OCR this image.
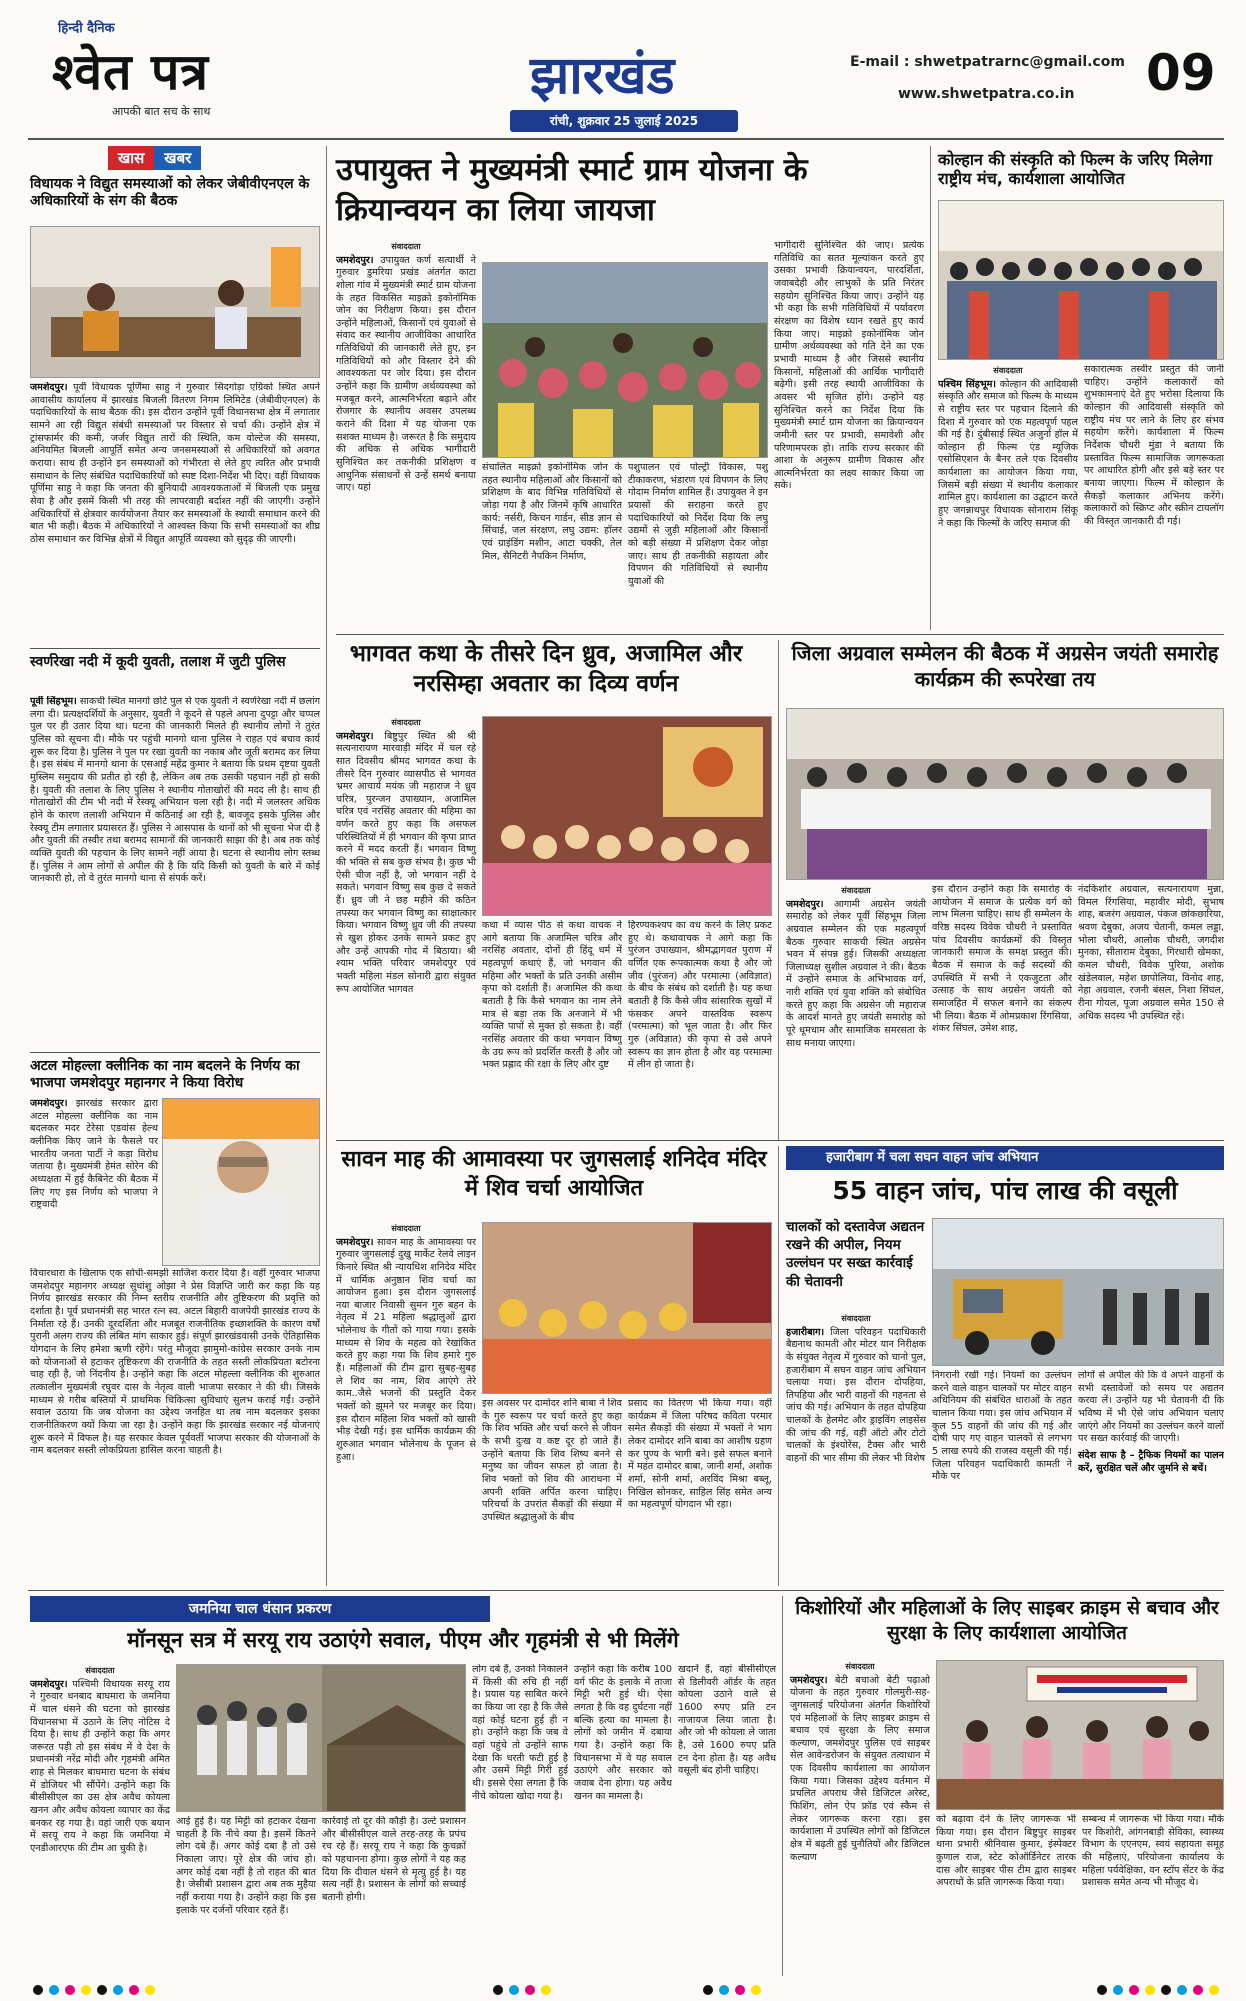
हिन्दी दैनिक
श्वेत पत्र
आपकी बात सच के साथ
झारखंड
रांची, शुक्रवार 25 जुलाई 2025
E-mail : shwetpatrarnc@gmail.com
www.shwetpatra.co.in 09
खास	खबर
विधायक ने विद्युत समस्याओं को लेकर जेबीवीएनएल के अधिकारियों के संग की बैठक
जमशेदपुर। पूर्वी विधायक पूर्णिमा साहु ने गुरुवार सिदगोड़ा एग्रिको स्थित अपने आवासीय कार्यालय में झारखंड बिजली वितरण निगम लिमिटेड (जेबीवीएनएल) के पदाधिकारियों के साथ बैठक की। इस दौरान उन्होंने पूर्वी विधानसभा क्षेत्र में लगातार सामने आ रही विद्युत संबंधी समस्याओं पर विस्तार से चर्चा की। उन्होंने क्षेत्र में ट्रांसफार्मर की कमी, जर्जर विद्युत तारों की स्थिति, कम वोल्टेज की समस्या, अनियमित बिजली आपूर्ति समेत अन्य जनसमस्याओं से अधिकारियों को अवगत कराया। साथ ही उन्होंने इन समस्याओं को गंभीरता से लेते हुए त्वरित और प्रभावी समाधान के लिए संबंधित पदाधिकारियों को स्पष्ट दिशा-निर्देश भी दिए। वहीं विधायक पूर्णिमा साहु ने कहा कि जनता की बुनियादी आवश्यकताओं में बिजली एक प्रमुख सेवा है और इसमें किसी भी तरह की लापरवाही बर्दाश्त नहीं की जाएगी। उन्होंने अधिकारियों से क्षेत्रवार कार्ययोजना तैयार कर समस्याओं के स्थायी समाधान करने की बात भी कही। बैठक में अधिकारियों ने आश्वस्त किया कि सभी समस्याओं का शीघ्र ठोस समाधान कर विभिन्न क्षेत्रों में विद्युत आपूर्ति व्यवस्था को सुदृढ़ की जाएगी।
स्वर्णरेखा नदी में कूदी युवती, तलाश में जुटी पुलिस
पूर्वी सिंहभूम। साकची स्थित मानगो छोटे पुल से एक युवती ने स्वर्णरेखा नदी में छलांग लगा दी। प्रत्यक्षदर्शियों के अनुसार, युवती ने कूदने से पहले अपना दुपट्टा और चप्पल पुल पर ही उतार दिया था। घटना की जानकारी मिलते ही स्थानीय लोगों ने तुरंत पुलिस को सूचना दी। मौके पर पहुंची मानगो थाना पुलिस ने राहत एवं बचाव कार्य शुरू कर दिया है। पुलिस ने पुल पर रखा युवती का नकाब और जूती बरामद कर लिया है। इस संबंध में मानगो थाना के एसआई महेंद्र कुमार ने बताया कि प्रथम दृष्टया युवती मुस्लिम समुदाय की प्रतीत हो रही है, लेकिन अब तक उसकी पहचान नहीं हो सकी है। युवती की तलाश के लिए पुलिस ने स्थानीय गोताखोरों की मदद ली है। साथ ही गोताखोरों की टीम भी नदी में रेस्क्यू अभियान चला रही है। नदी में जलस्तर अधिक होने के कारण तलाशी अभियान में कठिनाई आ रही है, बावजूद इसके पुलिस और रेस्क्यू टीम लगातार प्रयासरत हैं। पुलिस ने आसपास के थानों को भी सूचना भेज दी है और युवती की तस्वीर तथा बरामद सामानों की जानकारी साझा की है। अब तक कोई व्यक्ति युवती की पहचान के लिए सामने नहीं आया है। घटना से स्थानीय लोग स्तब्ध हैं। पुलिस ने आम लोगों से अपील की है कि यदि किसी को युवती के बारे में कोई जानकारी हो, तो वे तुरंत मानगो थाना से संपर्क करें।
अटल मोहल्ला क्लीनिक का नाम बदलने के निर्णय का भाजपा जमशेदपुर महानगर ने किया विरोध
जमशेदपुर। झारखंड सरकार द्वारा अटल मोहल्ला क्लीनिक का नाम बदलकर मदर टेरेसा एडवांस हेल्थ क्लीनिक किए जाने के फैसले पर भारतीय जनता पार्टी ने कड़ा विरोध जताया है। मुख्यमंत्री हेमंत सोरेन की अध्यक्षता में हुई कैबिनेट की बैठक में लिए गए इस निर्णय को भाजपा ने राष्ट्रवादी
विचारधारा के खिलाफ एक सोची-समझी साजिश करार दिया है। वहीं गुरुवार भाजपा जमशेदपुर महानगर अध्यक्ष सुधांशु ओझा ने प्रेस विज्ञप्ति जारी कर कहा कि यह निर्णय झारखंड सरकार की निम्न स्तरीय राजनीति और तुष्टिकरण की प्रवृत्ति को दर्शाता है। पूर्व प्रधानमंत्री सह भारत रत्न स्व. अटल बिहारी वाजपेयी झारखंड राज्य के निर्माता रहे हैं। उनकी दूरदर्शिता और मजबूत राजनीतिक इच्छाशक्ति के कारण वर्षों पुरानी अलग राज्य की लंबित मांग साकार हुई। संपूर्ण झारखंडवासी उनके ऐतिहासिक योगदान के लिए हमेशा ऋणी रहेंगे। परंतु मौजूदा झामुमो-कांग्रेस सरकार उनके नाम को योजनाओं से हटाकर तुष्टिकरण की राजनीति के तहत सस्ती लोकप्रियता बटोरना चाह रही है, जो निंदनीय है। उन्होंने कहा कि अटल मोहल्ला क्लीनिक की शुरुआत तत्कालीन मुख्यमंत्री रघुवर दास के नेतृत्व वाली भाजपा सरकार ने की थी। जिसके माध्यम से गरीब बस्तियों में प्राथमिक चिकित्सा सुविधाएं सुलभ कराई गईं। उन्होंने सवाल उठाया कि जब योजना का उद्देश्य जनहित था तब नाम बदलकर इसका राजनीतिकरण क्यों किया जा रहा है। उन्होंने कहा कि झारखंड सरकार नई योजनाएं शुरू करने में विफल है। यह सरकार केवल पूर्ववर्ती भाजपा सरकार की योजनाओं के नाम बदलकर सस्ती लोकप्रियता हासिल करना चाहती है।
उपायुक्त ने मुख्यमंत्री स्मार्ट ग्राम योजना के क्रियान्वयन का लिया जायजा
संवाददाता
जमशेदपुर। उपायुक्त कर्ण सत्यार्थी ने गुरुवार डुमरिया प्रखंड अंतर्गत काटा शोला गांव में मुख्यमंत्री स्मार्ट ग्राम योजना के तहत विकसित माइक्रो इकोनॉमिक जोन का निरीक्षण किया। इस दौरान उन्होंने महिलाओं, किसानों एवं युवाओं से संवाद कर स्थानीय आजीविका आधारित गतिविधियों की जानकारी लेते हुए, इन गतिविधियों को और विस्तार देने की आवश्यकता पर जोर दिया। इस दौरान उन्होंने कहा कि ग्रामीण अर्थव्यवस्था को मजबूत करने, आत्मनिर्भरता बढ़ाने और रोजगार के स्थानीय अवसर उपलब्ध कराने की दिशा में यह योजना एक सशक्त माध्यम है। जरूरत है कि समुदाय की अधिक से अधिक भागीदारी सुनिश्चित कर तकनीकी प्रशिक्षण व आधुनिक संसाधनों से उन्हें समर्थ बनाया जाए। यहां
संचालित माइक्रो इकोनॉमिक जोन के तहत स्थानीय महिलाओं और किसानों को प्रशिक्षण के बाद विभिन्न गतिविधियों से जोड़ा गया है और जिनमें कृषि आधारित कार्य: नर्सरी, किचन गार्डन, सीड ज्ञान से सिंचाई, जल संरक्षण, लघु उद्यम: हॉलर एवं ग्राइंडिंग मशीन, आटा चक्की, तेल मिल, सैनिटरी नैपकिन निर्माण,
पशुपालन एवं पोल्ट्री विकास, पशु टीकाकरण, भंडारण एवं विपणन के लिए गोदाम निर्माण शामिल हैं। उपायुक्त ने इन प्रयासों की सराहना करते हुए पदाधिकारियों को निर्देश दिया कि लघु उद्यमों से जुड़ी महिलाओं और किसानों को बड़ी संख्या में प्रशिक्षण देकर जोड़ा जाए। साथ ही तकनीकी सहायता और विपणन की गतिविधियों से स्थानीय युवाओं की
भागीदारी सुनिश्चित की जाए। प्रत्येक गतिविधि का सतत मूल्यांकन करते हुए उसका प्रभावी क्रियान्वयन, पारदर्शिता, जवाबदेही और लाभुकों के प्रति निरंतर सहयोग सुनिश्चित किया जाए। उन्होंने यह भी कहा कि सभी गतिविधियों में पर्यावरण संरक्षण का विशेष ध्यान रखते हुए कार्य किया जाए। माइक्रो इकोनॉमिक जोन ग्रामीण अर्थव्यवस्था को गति देने का एक प्रभावी माध्यम है और जिससे स्थानीय किसानों, महिलाओं की आर्थिक भागीदारी बढ़ेगी। इसी तरह स्थायी आजीविका के अवसर भी सृजित होंगे। उन्होंने यह सुनिश्चित करने का निर्देश दिया कि मुख्यमंत्री स्मार्ट ग्राम योजना का क्रियान्वयन जमीनी स्तर पर प्रभावी, समावेशी और परिणामपरक हो। ताकि राज्य सरकार की आशा के अनुरूप ग्रामीण विकास और आत्मनिर्भरता का लक्ष्य साकार किया जा सके।
कोल्हान की संस्कृति को फिल्म के जरिए मिलेगा राष्ट्रीय मंच, कार्यशाला आयोजित
संवाददाता
पश्चिम सिंहभूम। कोल्हान की आदिवासी संस्कृति और समाज को फिल्म के माध्यम से राष्ट्रीय स्तर पर पहचान दिलाने की दिशा में गुरुवार को एक महत्वपूर्ण पहल की गई है। दुंबीसाई स्थित अजुर्ना हॉल में कोल्हान ही फिल्म एंड म्यूजिक एसोसिएशन के बैनर तले एक दिवसीय कार्यशाला का आयोजन किया गया, जिसमें बड़ी संख्या में स्थानीय कलाकार शामिल हुए। कार्यशाला का उद्घाटन करते हुए जगन्नाथपुर विधायक सोनाराम सिंकू ने कहा कि फिल्मों के जरिए समाज की
सकारात्मक तस्वीर प्रस्तुत की जानी चाहिए। उन्होंने कलाकारों को शुभकामनाएं देते हुए भरोसा दिलाया कि कोल्हान की आदिवासी संस्कृति को राष्ट्रीय मंच पर लाने के लिए हर संभव सहयोग करेंगे। कार्यशाला में फिल्म निर्देशक चौधरी मुंडा ने बताया कि प्रस्तावित फिल्म सामाजिक जागरूकता पर आधारित होगी और इसे बड़े स्तर पर बनाया जाएगा। फिल्म में कोल्हान के सैकड़ों कलाकार अभिनय करेंगे। कलाकारों को स्क्रिप्ट और स्क्रीन टायलॉग की विस्तृत जानकारी दी गई।
भागवत कथा के तीसरे दिन ध्रुव, अजामिल और नरसिम्हा अवतार का दिव्य वर्णन
संवाददाता
जमशेदपुर। बिष्टुपुर स्थित श्री श्री सत्यनारायण मारवाड़ी मंदिर में चल रहे सात दिवसीय श्रीमद भागवत कथा के तीसरे दिन गुरुवार व्यासपीठ से भागवत भ्रमर आचार्य मयंक जी महाराज ने ध्रुव चरित्र, पुरन्जन उपाख्यान, अजामिल चरित्र एवं नरसिंह अवतार की महिमा का वर्णन करते हुए कहा कि असफल परिस्थितियों में ही भगवान की कृपा प्राप्त करने में मदद करती हैं। भगवान विष्णु की भक्ति से सब कुछ संभव है। कुछ भी ऐसी चीज नहीं है, जो भगवान नहीं दे सकते। भगवान विष्णु सब कुछ दे सकते हैं। ध्रुव जी ने छह महीने की कठिन तपस्या कर भगवान विष्णु का साक्षात्कार किया। भगवान विष्णु ध्रुव जी की तपस्या से खुश होकर उनके सामने प्रकट हुए और उन्हें आपकी गोद में बिठाया। श्री श्याम भक्ति परिवार जमशेदपुर एवं भक्ती महिला मंडल सोनारी द्वारा संयुक्त रूप आयोजित भागवत
कथा में व्यास पीठ से कथा वाचक ने आगे बताया कि अजामिल चरित्र और नरसिंह अवतार, दोनों ही हिंदू धर्म में महत्वपूर्ण कथाएं हैं, जो भगवान की महिमा और भक्तों के प्रति उनकी असीम कृपा को दर्शाती हैं। अजामिल की कथा बताती है कि कैसे भगवान का नाम लेने मात्र से बड़ा तक कि अनजाने में भी व्यक्ति पापों से मुक्त हो सकता है। वहीं नरसिंह अवतार की कथा भगवान विष्णु के उग्र रूप को प्रदर्शित करती है और जो भक्त प्रह्लाद की रक्षा के लिए और दुष्ट
हिरण्यकश्यप का वध करने के लिए प्रकट हुए थे। कथावाचक ने आगे कहा कि पुरंजन उपाख्यान, श्रीमद्भागवत पुराण में वर्णित एक रूपकात्मक कथा है और जो जीव (पुरंजन) और परमात्मा (अविज्ञात) के बीच के संबंध को दर्शाती है। यह कथा बताती है कि कैसे जीव सांसारिक सुखों में फंसकर अपने वास्तविक स्वरूप (परमात्मा) को भूल जाता है। और फिर गुरु (अविज्ञात) की कृपा से उसे अपने स्वरूप का ज्ञान होता है और वह परमात्मा में लीन हो जाता है।
जिला अग्रवाल सम्मेलन की बैठक में अग्रसेन जयंती समारोह कार्यक्रम की रूपरेखा तय
संवाददाता
जमशेदपुर। आगामी अग्रसेन जयंती समारोह को लेकर पूर्वी सिंहभूम जिला अग्रवाल सम्मेलन की एक महत्वपूर्ण बैठक गुरुवार साकची स्थित अग्रसेन भवन में संपन्न हुई। जिसकी अध्यक्षता जिलाध्यक्ष सुशील अग्रवाल ने की। बैठक में उन्होंने समाज के अभिभावक वर्ग, नारी शक्ति एवं युवा शक्ति को संबोधित करते हुए कहा कि अग्रसेन जी महाराज के आदर्श मानते हुए जयंती समारोह को पूरे धूमधाम और सामाजिक समरसता के साथ मनाया जाएगा।
इस दौरान उन्होंने कहा कि समारोह के आयोजन में समाज के प्रत्येक वर्ग को लाभ मिलना चाहिए। साथ ही सम्मेलन के वरिष्ठ सदस्य विवेक चौधरी ने प्रस्तावित पांच दिवसीय कार्यक्रमों की विस्तृत जानकारी समाज के समक्ष प्रस्तुत की। बैठक में समाज के कई सदस्यों की उपस्थिति में सभी ने एकजुटता और उत्साह के साथ अग्रसेन जयंती को समाजहित में सफल बनाने का संकल्प भी लिया। बैठक में ओमप्रकाश रिंगसिया, शंकर सिंघल, उमेश शाह,
नंदकिशोर अग्रवाल, सत्यनारायण मुन्ना, विमल रिंगसिया, महावीर मोदी, सुभाष शाह, बजरंग अग्रवाल, पंकज छांकछारिया, श्रवण देबुका, अजय चेतानी, कमल लड्डा, भोला चौधरी, आलोक चौधरी, जगदीश मुनका, सीताराम देबुका, गिरधारी खेमका, कमल चौधरी, विवेक पुरिया, अशोक खंडेलवाल, महेश छापोलिया, विनोद शाह, नेहा अग्रवाल, रजनी बंसल, निशा सिंघल, रीना गोयल, पूजा अग्रवाल समेत 150 से अधिक सदस्य भी उपस्थित रहे।
सावन माह की आमावस्या पर जुगसलाई शनिदेव मंदिर में शिव चर्चा आयोजित
संवाददाता
जमशेदपुर। सावन माह के आमावस्या पर गुरुवार जुगसलाई दुखु मार्केट रेलवे लाइन किनारे स्थित श्री न्यायधिश शनिदेव मंदिर में धार्मिक अनुष्ठान शिव चर्चा का आयोजन हुआ। इस दौरान जुगसलाई नया बाजार निवासी सुमन गुरु बहन के नेतृत्व में 21 महिला श्रद्धालुओं द्वारा भोलेनाथ के गीतों को गाया गया। इसके माध्यम से शिव के महत्व को रेखांकित करते हुए कहा गया कि शिव हमारे गुरु हैं। महिलाओं की टीम द्वारा सुबह-सुबह ले शिव का नाम, शिव आएंगे तेरे काम..जैसे भजनों की प्रस्तुति देकर भक्तों को झूमने पर मजबूर कर दिया। इस दौरान महिला शिव भक्तों को खासी भीड़ देखी गई। इस धार्मिक कार्यक्रम की शुरुआत भगवान भोलेनाथ के पूजन से हुआ।
इस अवसर पर दामोदर शनि बाबा ने शिव के गुरु स्वरूप पर चर्चा करते हुए कहा कि शिव भक्ति और चर्चा करने से जीवन के सभी दुःख व कष्ट दूर हो जाते हैं। उन्होंने बताया कि शिव शिष्य बनने से मनुष्य का जीवन सफल हो जाता है। शिव भक्तों को शिव की आराधना में अपनी शक्ति अर्पित करना चाहिए। परिचर्चा के उपरांत सैकड़ों की संख्या में उपस्थित श्रद्धालुओं के बीच
प्रसाद का वितरण भी किया गया। वहीं कार्यक्रम में जिला परिषद कविता परमार समेत सैकड़ों की संख्या में भक्तों ने भाग लेकर दामोदर शनि बाबा का आशीष ग्रहण कर पुण्य के भागी बने। इसे सफल बनाने में महंत दामोदर बाबा, जानी शर्मा, अशोक शर्मा, सोनी शर्मा, अरविंद मिश्रा बब्लू, निखिल सोनकर, साहिल सिंह समेत अन्य का महत्वपूर्ण योगदान भी रहा।
हजारीबाग में चला सघन वाहन जांच अभियान
55 वाहन जांच, पांच लाख की वसूली
चालकों को दस्तावेज अद्यतन रखने की अपील, नियम उल्लंघन पर सख्त कार्रवाई की चेतावनी
संवाददाता
हजारीबाग। जिला परिवहन पदाधिकारी बैद्यनाथ कामती और मोटर यान निरीक्षक के संयुक्त नेतृत्व में गुरुवार को चानो पुल, हजारीबाग में सघन वाहन जांच अभियान चलाया गया। इस दौरान दोपहिया, तिपहिया और भारी वाहनों की गहनता से जांच की गई। अभियान के तहत दोपहिया चालकों के हेलमेट और ड्राइविंग लाइसेंस की जांच की गई, वहीं ऑटो और टोटो चालकों के इंश्योरेंस, टैक्स और भारी वाहनों की भार सीमा की लेकर भी विशेष
निगरानी रखी गई। नियमों का उल्लंघन करने वाले वाहन चालकों पर मोटर वाहन अधिनियम की संबंधित धाराओं के तहत चालान किया गया। इस जांच अभियान में कुल 55 वाहनों की जांच की गई और दोषी पाए गए वाहन चालकों से लगभग 5 लाख रुपये की राजस्व वसूली की गई। जिला परिवहन पदाधिकारी कामती ने मौके पर
लोगों से अपील की कि वे अपने वाहनों के सभी दस्तावेजों को समय पर अद्यतन करवा लें। उन्होंने यह भी चेतावनी दी कि भविष्य में भी ऐसे जांच अभियान चलाए जाएंगे और नियमों का उल्लंघन करने वालों पर सख्त कार्रवाई की जाएगी।
संदेश साफ है – ट्रैफिक नियमों का पालन करें, सुरक्षित चलें और जुर्माने से बचें।
जमनिया चाल धंसान प्रकरण
मॉनसून सत्र में सरयू राय उठाएंगे सवाल, पीएम और गृहमंत्री से भी मिलेंगे
संवाददाता
जमशेदपुर। पश्चिमी विधायक सरयू राय ने गुरुवार धनबाद बाघमारा के जमनिया में चाल धंसने की घटना को झारखंड विधानसभा में उठाने के लिए नोटिस दे दिया है। साथ ही उन्होंने कहा कि अगर जरूरत पड़ी तो इस संबंध में वे देश के प्रधानमंत्री नरेंद्र मोदी और गृहमंत्री अमित शाह से मिलकर बाघमारा घटना के संबंध में डोजियर भी सौंपेंगे। उन्होंने कहा कि बीसीसीएल का उस क्षेत्र अवैध कोयला खनन और अवैध कोयला व्यापार का केंद्र बनकर रह गया है। वहां जारी एक बयान में सरयू राय ने कहा कि जमनिया में एनडीआरएफ की टीम आ चुकी है।
आई हुई है। यह मिट्टी को हटाकर देखना चाहती है कि नीचे क्या है। इसमें कितने लोग दबे हैं। अगर कोई दबा है तो उसे निकाला जाए। पूरे क्षेत्र की जांच हो। अगर कोई दबा नहीं है तो राहत की बात है। जेसीबी प्रशासन द्वारा अब तक मुहैया नहीं कराया गया है। उन्होंने कहा कि इस इलाके पर दर्जनों परिवार रहते हैं।
कार्रवाई तो दूर की कौड़ी है। उल्टे प्रशासन और बीसीसीएल वाले तरह-तरह के प्रपंच रच रहे हैं। सरयू राय ने कहा कि कुचक्रों को पहचानना होगा। कुछ लोगों ने यह कह दिया कि दीवाल धंसने से मृत्यु हुई है। यह सत्य नहीं है। प्रशासन के लोगों को सच्चाई बतानी होगी।
लोग दबे हैं, उनको निकालने में किसी की रुचि ही नहीं है। प्रयास यह साबित करने का किया जा रहा है कि जैसे वहां कोई घटना हुई ही न हो। उन्होंने कहा कि जब वे वहां पहुंचे तो उन्होंने साफ देखा कि धरती फटी हुई है और उसमें मिट्टी गिरी हुई थी। इससे ऐसा लगता है कि नीचे कोयला खोदा गया है।
उन्होंने कहा कि करीब 100 वर्ग फीट के इलाके में ताजा मिट्टी भरी हुई थी। ऐसा लगता है कि वह दुर्घटना नहीं बल्कि हत्या का मामला है। लोगों को जमीन में दबाया गया है। उन्होंने कहा कि विधानसभा में वे यह सवाल उठाएंगे और सरकार को जवाब देना होगा। यह अवैध खनन का मामला है।
खदानें हैं, वहां बीसीसीएल से डिलीवरी ऑर्डर के तहत कोयला उठाने वाले से 1600 रुपए प्रति टन नाजायज लिया जाता है। और जो भी कोयला ले जाता है, उसे 1600 रुपए प्रति टन देना होता है। यह अवैध वसूली बंद होनी चाहिए।
किशोरियों और महिलाओं के लिए साइबर क्राइम से बचाव और सुरक्षा के लिए कार्यशाला आयोजित
संवाददाता
जमशेदपुर। बेटी बचाओ बेटी पढ़ाओ योजना के तहत गुरुवार गोलमुरी-सह-जुगसलाई परियोजना अंतर्गत किशोरियों एवं महिलाओं के लिए साइबर क्राइम से बचाव एवं सुरक्षा के लिए समाज कल्याण, जमशेदपुर पुलिस एवं साइबर सेल आवेन्डरोजन के संयुक्त तत्वाधान में एक दिवसीय कार्यशाला का आयोजन किया गया। जिसका उद्देश्य वर्तमान में प्रचलित अपराध जैसे डिजिटल अरेस्ट, फिशिंग, लोन ऐप फ्रॉड एवं स्कैम से लेकर जागरूक करना रहा। इस कार्यशाला में उपस्थित लोगों को डिजिटल क्षेत्र में बढ़ती हुई चुनौतियों और डिजिटल कल्याण
को बढ़ावा देने के लिए जागरूक भी किया गया। इस दौरान बिष्टुपुर साइबर थाना प्रभारी श्रीनिवास कुमार, इंस्पेक्टर कुणाल राज, स्टेट कोऑर्डिनेटर तारक दास और साइबर पीस टीम द्वारा साइबर अपराधों के प्रति जागरूक किया गया।
सम्बन्ध में जागरूक भी किया गया। मौके पर किशोरी, आंगनबाड़ी सेविका, स्वास्थ्य विभाग के एएनएम, स्वयं सहायता समूह की महिलाएं, परियोजना कार्यालय के महिला पर्यवेक्षिका, वन स्टॉप सेंटर के केंद्र प्रशासक समेत अन्य भी मौजूद थे।
